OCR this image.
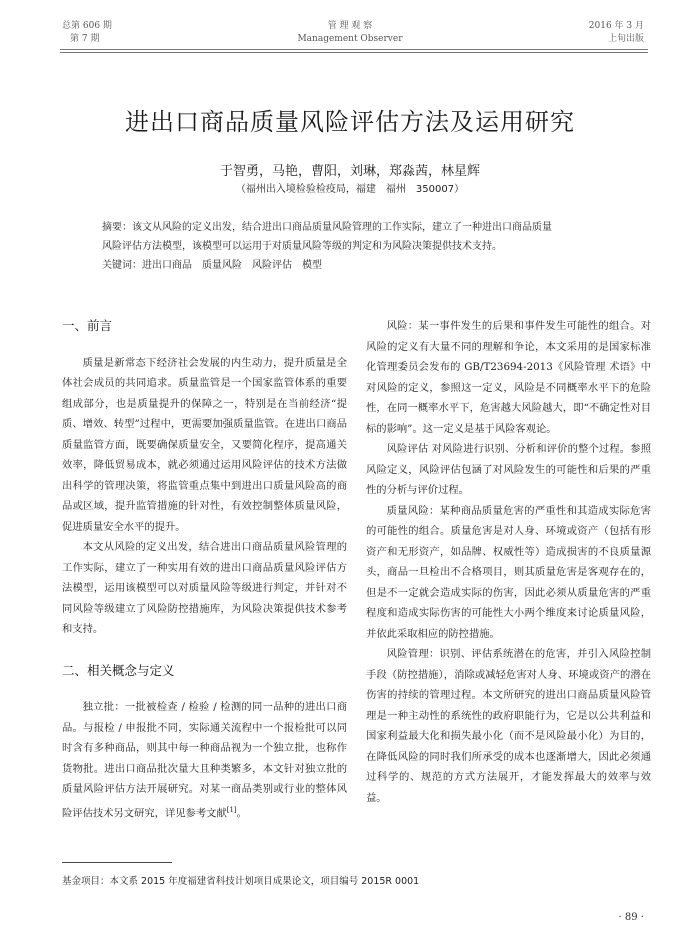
总第 606 期
第 7 期
管 理 观 察
Management Observer
2016 年 3 月
上旬出版
进出口商品质量风险评估方法及运用研究
于智勇，马艳，曹阳，刘琳，郑淼茜，林星辉
（福州出入境检验检疫局，福建　福州　350007）

摘要：该文从风险的定义出发，结合进出口商品质量风险管理的工作实际，建立了一种进出口商品质量

风险评估方法模型，该模型可以运用于对质量风险等级的判定和为风险决策提供技术支持。

关键词：进出口商品　质量风险　风险评估　模型

一、前言

质量是新常态下经济社会发展的内生动力，提升质量是全体社会成员的共同追求。质量监管是一个国家监管体系的重要组成部分，也是质量提升的保障之一，特别是在当前经济“提质、增效、转型”过程中，更需要加强质量监管。在进出口商品质量监管方面，既要确保质量安全，又要简化程序，提高通关效率，降低贸易成本，就必须通过运用风险评估的技术方法做出科学的管理决策，将监管重点集中到进出口质量风险高的商品或区域，提升监管措施的针对性，有效控制整体质量风险，促进质量安全水平的提升。

本文从风险的定义出发，结合进出口商品质量风险管理的工作实际，建立了一种实用有效的进出口商品质量风险评估方法模型，运用该模型可以对质量风险等级进行判定，并针对不同风险等级建立了风险防控措施库，为风险决策提供技术参考和支持。

二、相关概念与定义

独立批：一批被检查 / 检验 / 检测的同一品种的进出口商品。与报检 / 申报批不同，实际通关流程中一个报检批可以同时含有多种商品，则其中每一种商品视为一个独立批，也称作货物批。进出口商品批次量大且种类繁多，本文针对独立批的质量风险评估方法开展研究。对某一商品类别或行业的整体风险评估技术另文研究，详见参考文献[1]。

风险：某一事件发生的后果和事件发生可能性的组合。对风险的定义有大量不同的理解和争论，本文采用的是国家标准化管理委员会发布的 GB/T23694-2013《风险管理 术语》中对风险的定义，参照这一定义，风险是不同概率水平下的危险性，在同一概率水平下，危害越大风险越大，即“不确定性对目标的影响”。这一定义是基于风险客观论。

风险评估 对风险进行识别、分析和评价的整个过程。参照风险定义，风险评估包涵了对风险发生的可能性和后果的严重性的分析与评价过程。

质量风险：某种商品质量危害的严重性和其造成实际危害的可能性的组合。质量危害是对人身、环境或资产（包括有形资产和无形资产，如品牌、权威性等）造成损害的不良质量源头，商品一旦检出不合格项目，则其质量危害是客观存在的，但是不一定就会造成实际的伤害，因此必须从质量危害的严重程度和造成实际伤害的可能性大小两个维度来讨论质量风险，并依此采取相应的防控措施。

风险管理：识别、评估系统潜在的危害，并引入风险控制手段（防控措施），消除或减轻危害对人身、环境或资产的潜在伤害的持续的管理过程。本文所研究的进出口商品质量风险管理是一种主动性的系统性的政府职能行为，它是以公共利益和国家利益最大化和损失最小化（而不是风险最小化）为目的，在降低风险的同时我们所承受的成本也逐渐增大，因此必须通过科学的、规范的方式方法展开，才能发挥最大的效率与效益。

基金项目：本文系 2015 年度福建省科技计划项目成果论文，项目编号 2015R 0001
· 89 ·
